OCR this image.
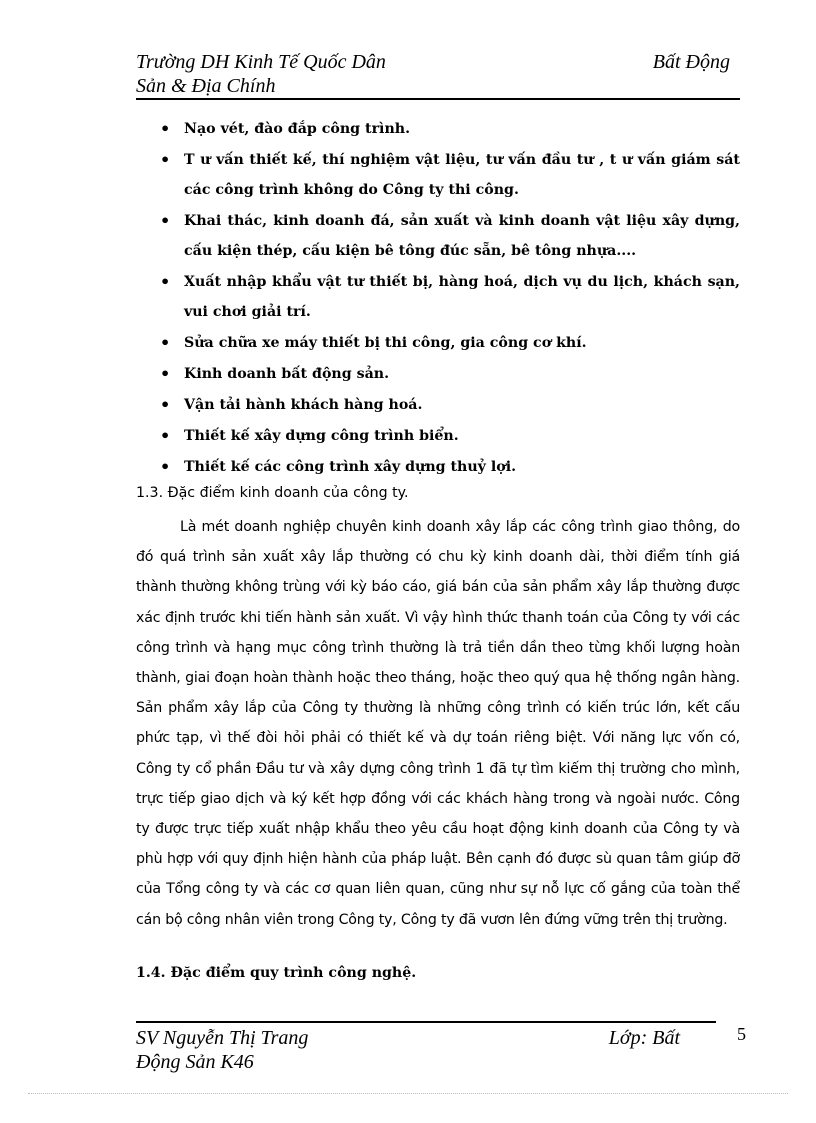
Trường DH Kinh Tế Quốc Dân	Bất Động
Sản & Địa Chính
• Nạo vét, đào đắp công trình.
• T ư vấn thiết kế, thí nghiệm vật liệu, tư vấn đầu tư , t ư vấn giám sát các công trình không do Công ty thi công.
• Khai thác, kinh doanh đá, sản xuất và kinh doanh vật liệu xây dựng, cấu kiện thép, cấu kiện bê tông đúc sẵn, bê tông nhựa....
• Xuất nhập khẩu vật tư thiết bị, hàng hoá, dịch vụ du lịch, khách sạn, vui chơi giải trí.
• Sửa chữa xe máy thiết bị thi công, gia công cơ khí.
• Kinh doanh bất động sản.
• Vận tải hành khách hàng hoá.
• Thiết kế xây dựng công trình biển.
• Thiết kế các công trình xây dựng thuỷ lợi.
1.3. Đặc điểm kinh doanh của công ty.

Là mét doanh nghiệp chuyên kinh doanh xây lắp các công trình giao thông, do đó quá trình sản xuất xây lắp thường có chu kỳ kinh doanh dài, thời điểm tính giá thành thường không trùng với kỳ báo cáo, giá bán của sản phẩm xây lắp thường được xác định trước khi tiến hành sản xuất. Vì vậy hình thức thanh toán của Công ty với các công trình và hạng mục công trình thường là trả tiền dần theo từng khối lượng hoàn thành, giai đoạn hoàn thành hoặc theo tháng, hoặc theo quý qua hệ thống ngân hàng. Sản phẩm xây lắp của Công ty thường là những công trình có kiến trúc lớn, kết cấu phức tạp, vì thế đòi hỏi phải có thiết kế và dự toán riêng biệt. Với năng lực vốn có, Công ty cổ phần Đầu tư và xây dựng công trình 1 đã tự tìm kiếm thị trường cho mình, trực tiếp giao dịch và ký kết hợp đồng với các khách hàng trong và ngoài nước. Công ty được trực tiếp xuất nhập khẩu theo yêu cầu hoạt động kinh doanh của Công ty và phù hợp với quy định hiện hành của pháp luật. Bên cạnh đó được sù quan tâm giúp đỡ của Tổng công ty và các cơ quan liên quan, cũng như sự nỗ lực cố gắng của toàn thể cán bộ công nhân viên trong Công ty, Công ty đã vươn lên đứng vững trên thị trường.

1.4. Đặc điểm quy trình công nghệ.
SV Nguyễn Thị Trang	Lớp: Bất
Động Sản K46
5
